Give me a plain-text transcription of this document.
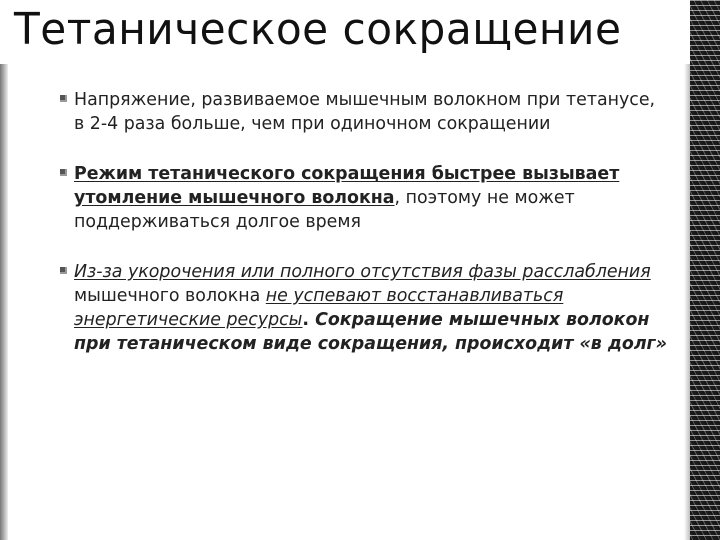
Тетаническое сокращение

Напряжение, развиваемое мышечным волокном при тетанусе, в 2-4 раза больше, чем при одиночном сокращении

Режим тетанического сокращения быстрее вызывает утомление мышечного волокна, поэтому не может поддерживаться долгое время

Из-за укорочения или полного отсутствия фазы расслабления мышечного волокна не успевают восстанавливаться энергетические ресурсы. Сокращение мышечных волокон при тетаническом виде сокращения, происходит «в долг»
